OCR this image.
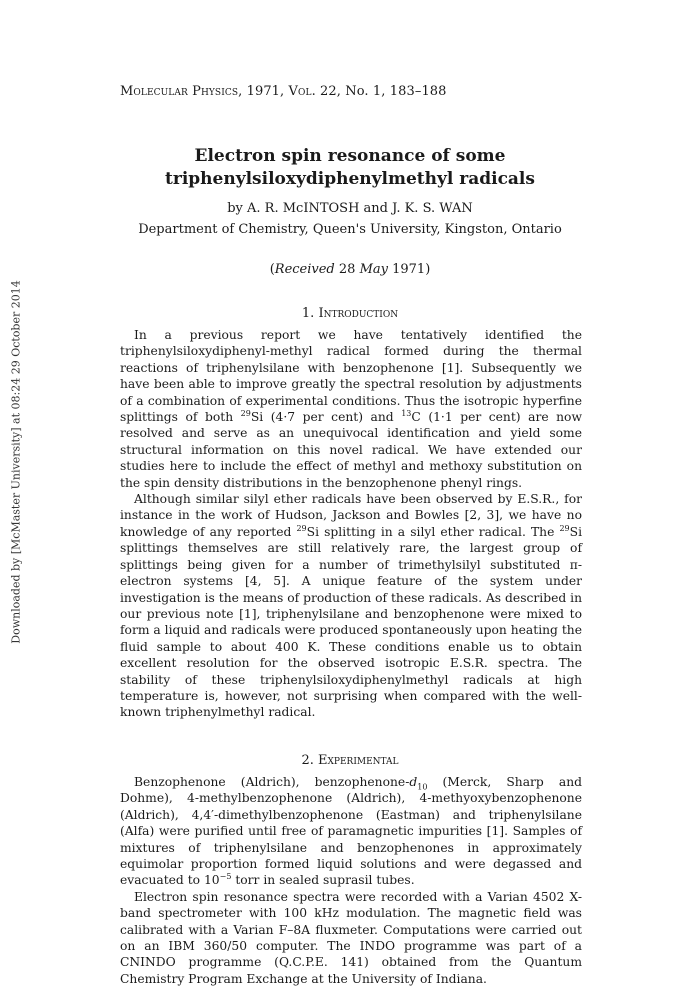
Molecular Physics, 1971, Vol. 22, No. 1, 183–188
Downloaded by [McMaster University] at 08:24 29 October 2014
Electron spin resonance of some
triphenylsiloxydiphenylmethyl radicals
by A. R. McINTOSH and J. K. S. WAN
Department of Chemistry, Queen's University, Kingston, Ontario
(Received 28 May 1971)
1. Introduction

In a previous report we have tentatively identified the triphenylsiloxydiphenyl-methyl radical formed during the thermal reactions of triphenylsilane with benzophenone [1]. Subsequently we have been able to improve greatly the spectral resolution by adjustments of a combination of experimental conditions. Thus the isotropic hyperfine splittings of both $^{29}$Si (4·7 per cent) and $^{13}$C (1·1 per cent) are now resolved and serve as an unequivocal identification and yield some structural information on this novel radical. We have extended our studies here to include the effect of methyl and methoxy substitution on the spin density distributions in the benzophenone phenyl rings.

Although similar silyl ether radicals have been observed by E.S.R., for instance in the work of Hudson, Jackson and Bowles [2, 3], we have no knowledge of any reported $^{29}$Si splitting in a silyl ether radical. The $^{29}$Si splittings themselves are still relatively rare, the largest group of splittings being given for a number of trimethylsilyl substituted π-electron systems [4, 5]. A unique feature of the system under investigation is the means of production of these radicals. As described in our previous note [1], triphenylsilane and benzophenone were mixed to form a liquid and radicals were produced spontaneously upon heating the fluid sample to about 400 K. These conditions enable us to obtain excellent resolution for the observed isotropic E.S.R. spectra. The stability of these triphenylsiloxydiphenylmethyl radicals at high temperature is, however, not surprising when compared with the well-known triphenylmethyl radical.

2. Experimental

Benzophenone (Aldrich), benzophenone-$d_{10}$ (Merck, Sharp and Dohme), 4-methylbenzophenone (Aldrich), 4-methyoxybenzophenone (Aldrich), 4,4′-dimethylbenzophenone (Eastman) and triphenylsilane (Alfa) were purified until free of paramagnetic impurities [1]. Samples of mixtures of triphenylsilane and benzophenones in approximately equimolar proportion formed liquid solutions and were degassed and evacuated to $10^{-5}$ torr in sealed suprasil tubes.

Electron spin resonance spectra were recorded with a Varian 4502 X-band spectrometer with 100 kHz modulation. The magnetic field was calibrated with a Varian F–8A fluxmeter. Computations were carried out on an IBM 360/50 computer. The INDO programme was part of a CNINDO programme (Q.C.P.E. 141) obtained from the Quantum Chemistry Program Exchange at the University of Indiana.
